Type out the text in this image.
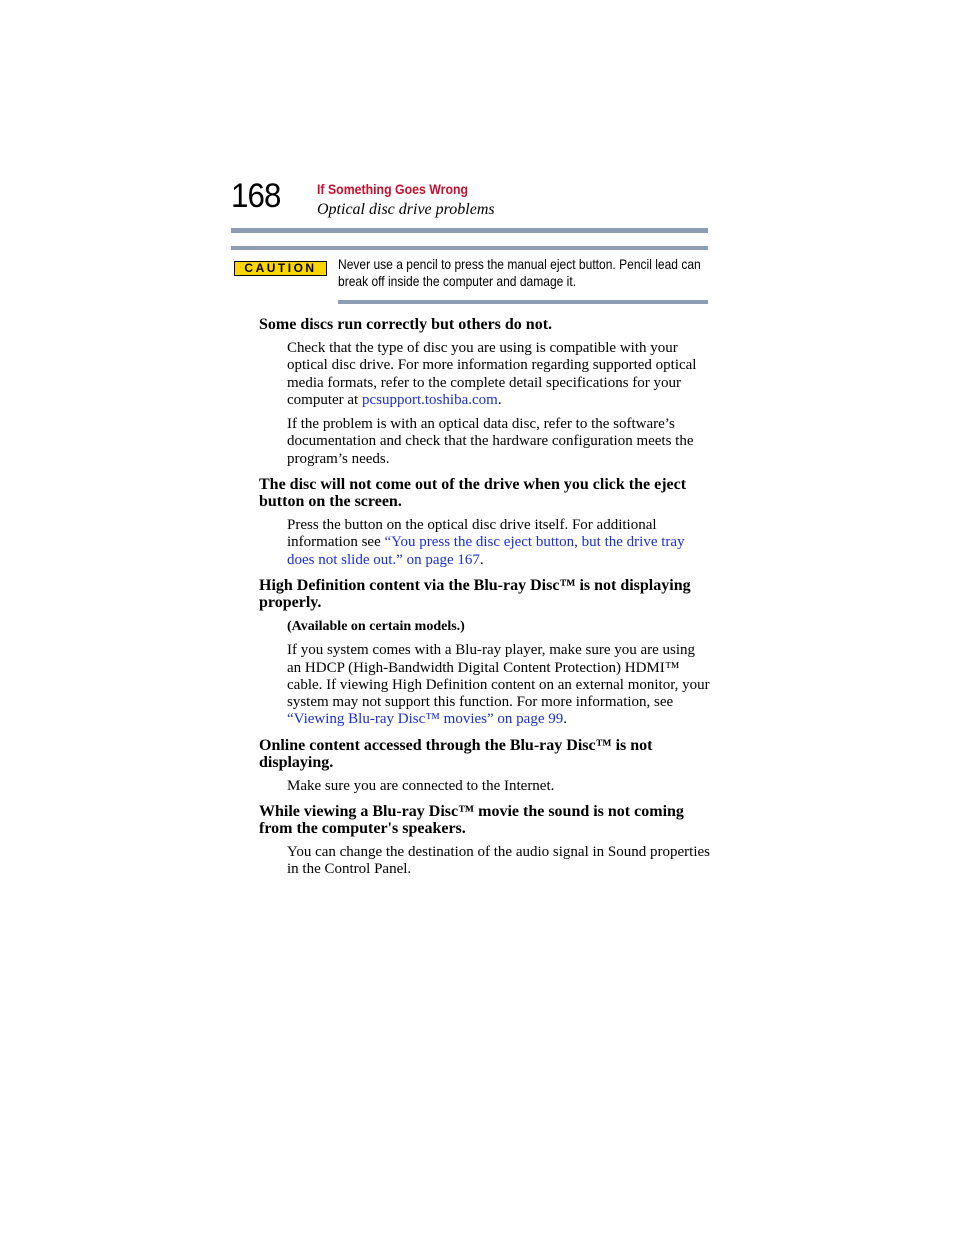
168	If Something Goes Wrong
Optical disc drive problems
CAUTION	Never use a pencil to press the manual eject button. Pencil lead can break off inside the computer and damage it.
Some discs run correctly but others do not.

Check that the type of disc you are using is compatible with your optical disc drive. For more information regarding supported optical media formats, refer to the complete detail specifications for your computer at pcsupport.toshiba.com.

If the problem is with an optical data disc, refer to the software’s documentation and check that the hardware configuration meets the program’s needs.

The disc will not come out of the drive when you click the eject button on the screen.

Press the button on the optical disc drive itself. For additional information see “You press the disc eject button, but the drive tray does not slide out.” on page 167.

High Definition content via the Blu-ray Disc™ is not displaying properly.

(Available on certain models.)

If you system comes with a Blu-ray player, make sure you are using an HDCP (High-Bandwidth Digital Content Protection) HDMI™ cable. If viewing High Definition content on an external monitor, your system may not support this function. For more information, see “Viewing Blu-ray Disc™ movies” on page 99.

Online content accessed through the Blu-ray Disc™ is not displaying.

Make sure you are connected to the Internet.

While viewing a Blu-ray Disc™ movie the sound is not coming from the computer's speakers.

You can change the destination of the audio signal in Sound properties in the Control Panel.
